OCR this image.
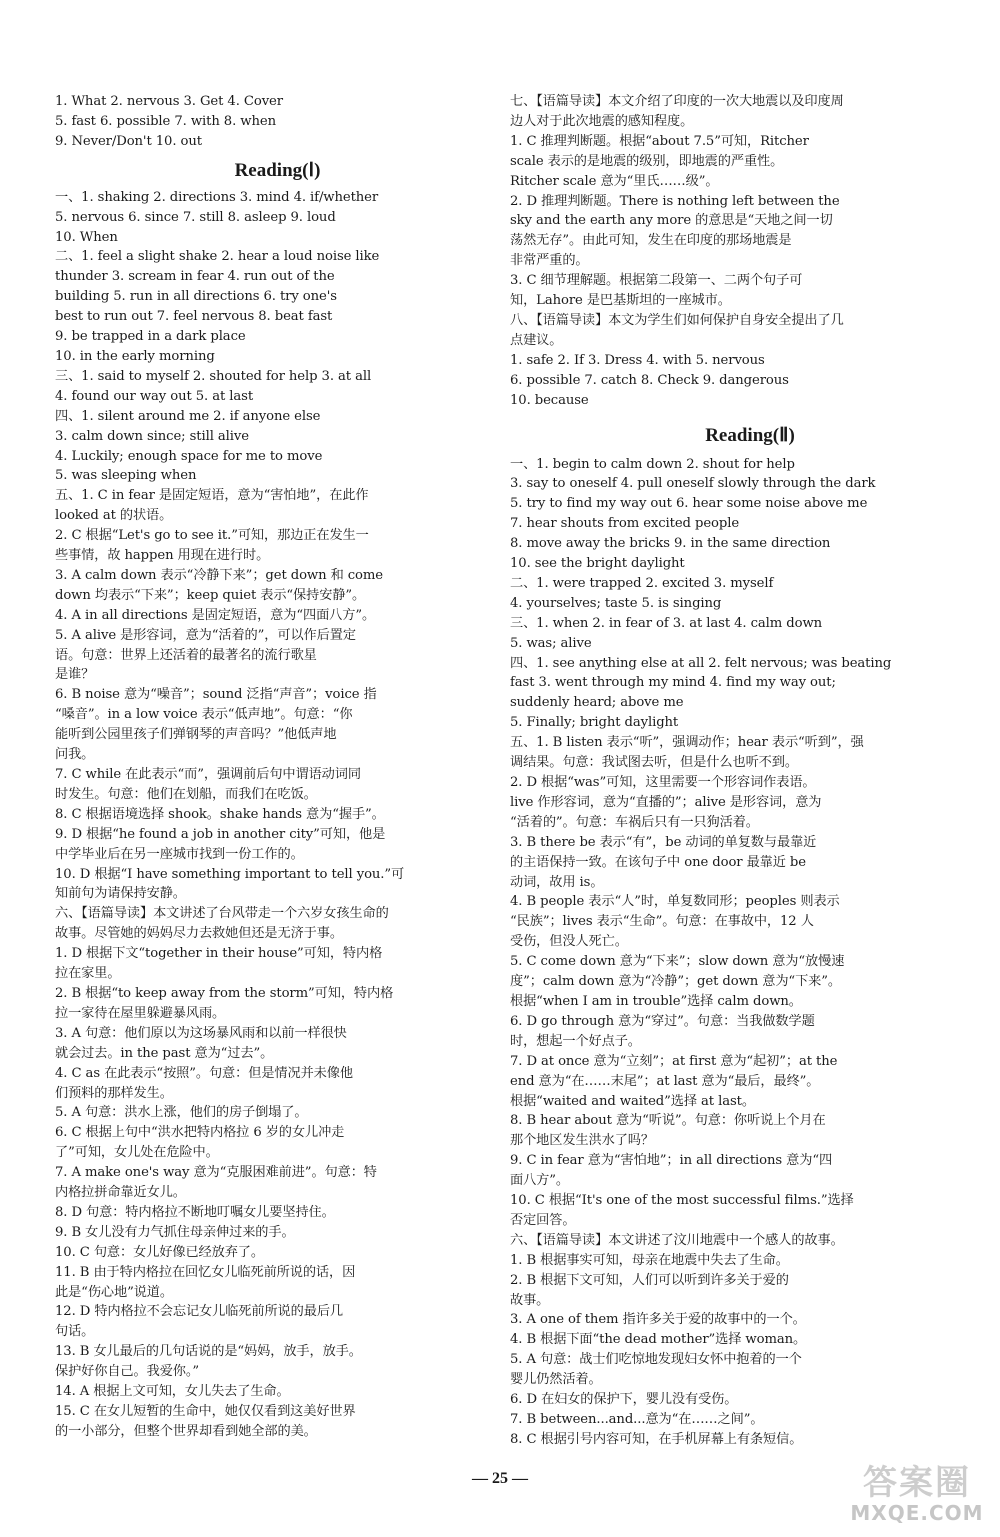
1. What 2. nervous 3. Get 4. Cover
5. fast 6. possible 7. with 8. when
9. Never/Don't 10. out
Reading(Ⅰ)
一、1. shaking 2. directions 3. mind 4. if/whether
5. nervous 6. since 7. still 8. asleep 9. loud
10. When
二、1. feel a slight shake 2. hear a loud noise like
thunder 3. scream in fear 4. run out of the
building 5. run in all directions 6. try one's
best to run out 7. feel nervous 8. beat fast
9. be trapped in a dark place
10. in the early morning
三、1. said to myself 2. shouted for help 3. at all
4. found our way out 5. at last
四、1. silent around me 2. if anyone else
3. calm down since; still alive
4. Luckily; enough space for me to move
5. was sleeping when
五、1. C in fear 是固定短语，意为“害怕地”，在此作
looked at 的状语。
2. C 根据“Let's go to see it.”可知，那边正在发生一
些事情，故 happen 用现在进行时。
3. A calm down 表示“冷静下来”；get down 和 come
down 均表示“下来”；keep quiet 表示“保持安静”。
4. A in all directions 是固定短语，意为“四面八方”。
5. A alive 是形容词，意为“活着的”，可以作后置定
语。句意：世界上还活着的最著名的流行歌星
是谁？
6. B noise 意为“噪音”；sound 泛指“声音”；voice 指
“嗓音”。in a low voice 表示“低声地”。句意：“你
能听到公园里孩子们弹钢琴的声音吗？”他低声地
问我。
7. C while 在此表示“而”，强调前后句中谓语动词同
时发生。句意：他们在划船，而我们在吃饭。
8. C 根据语境选择 shook。shake hands 意为“握手”。
9. D 根据“he found a job in another city”可知，他是
中学毕业后在另一座城市找到一份工作的。
10. D 根据“I have something important to tell you.”可
知前句为请保持安静。
六、【语篇导读】本文讲述了台风带走一个六岁女孩生命的
故事。尽管她的妈妈尽力去救她但还是无济于事。
1. D 根据下文“together in their house”可知，特内格
拉在家里。
2. B 根据“to keep away from the storm”可知，特内格
拉一家待在屋里躲避暴风雨。
3. A 句意：他们原以为这场暴风雨和以前一样很快
就会过去。in the past 意为“过去”。
4. C as 在此表示“按照”。句意：但是情况并未像他
们预料的那样发生。
5. A 句意：洪水上涨，他们的房子倒塌了。
6. C 根据上句中“洪水把特内格拉 6 岁的女儿冲走
了”可知，女儿处在危险中。
7. A make one's way 意为“克服困难前进”。句意：特
内格拉拼命靠近女儿。
8. D 句意：特内格拉不断地叮嘱女儿要坚持住。
9. B 女儿没有力气抓住母亲伸过来的手。
10. C 句意：女儿好像已经放弃了。
11. B 由于特内格拉在回忆女儿临死前所说的话，因
此是“伤心地”说道。
12. D 特内格拉不会忘记女儿临死前所说的最后几
句话。
13. B 女儿最后的几句话说的是“妈妈，放手，放手。
保护好你自己。我爱你。”
14. A 根据上文可知，女儿失去了生命。
15. C 在女儿短暂的生命中，她仅仅看到这美好世界
的一小部分，但整个世界却看到她全部的美。
七、【语篇导读】本文介绍了印度的一次大地震以及印度周
边人对于此次地震的感知程度。
1. C 推理判断题。根据“about 7.5”可知，Ritcher
scale 表示的是地震的级别，即地震的严重性。
Ritcher scale 意为“里氏……级”。
2. D 推理判断题。There is nothing left between the
sky and the earth any more 的意思是“天地之间一切
荡然无存”。由此可知，发生在印度的那场地震是
非常严重的。
3. C 细节理解题。根据第二段第一、二两个句子可
知，Lahore 是巴基斯坦的一座城市。
八、【语篇导读】本文为学生们如何保护自身安全提出了几
点建议。
1. safe 2. If 3. Dress 4. with 5. nervous
6. possible 7. catch 8. Check 9. dangerous
10. because
Reading(Ⅱ)
一、1. begin to calm down 2. shout for help
3. say to oneself 4. pull oneself slowly through the dark
5. try to find my way out 6. hear some noise above me
7. hear shouts from excited people
8. move away the bricks 9. in the same direction
10. see the bright daylight
二、1. were trapped 2. excited 3. myself
4. yourselves; taste 5. is singing
三、1. when 2. in fear of 3. at last 4. calm down
5. was; alive
四、1. see anything else at all 2. felt nervous; was beating
fast 3. went through my mind 4. find my way out;
suddenly heard; above me
5. Finally; bright daylight
五、1. B listen 表示“听”，强调动作；hear 表示“听到”，强
调结果。句意：我试图去听，但是什么也听不到。
2. D 根据“was”可知，这里需要一个形容词作表语。
live 作形容词，意为“直播的”；alive 是形容词，意为
“活着的”。句意：车祸后只有一只狗活着。
3. B there be 表示“有”，be 动词的单复数与最靠近
的主语保持一致。在该句子中 one door 最靠近 be
动词，故用 is。
4. B people 表示“人”时，单复数同形；peoples 则表示
“民族”；lives 表示“生命”。句意：在事故中，12 人
受伤，但没人死亡。
5. C come down 意为“下来”；slow down 意为“放慢速
度”；calm down 意为“冷静”；get down 意为“下来”。
根据“when I am in trouble”选择 calm down。
6. D go through 意为“穿过”。句意：当我做数学题
时，想起一个好点子。
7. D at once 意为“立刻”；at first 意为“起初”；at the
end 意为“在……末尾”；at last 意为“最后，最终”。
根据“waited and waited”选择 at last。
8. B hear about 意为“听说”。句意：你听说上个月在
那个地区发生洪水了吗？
9. C in fear 意为“害怕地”；in all directions 意为“四
面八方”。
10. C 根据“It's one of the most successful films.”选择
否定回答。
六、【语篇导读】本文讲述了汶川地震中一个感人的故事。
1. B 根据事实可知，母亲在地震中失去了生命。
2. B 根据下文可知，人们可以听到许多关于爱的
故事。
3. A one of them 指许多关于爱的故事中的一个。
4. B 根据下面“the dead mother”选择 woman。
5. A 句意：战士们吃惊地发现妇女怀中抱着的一个
婴儿仍然活着。
6. D 在妇女的保护下，婴儿没有受伤。
7. B between...and...意为“在……之间”。
8. C 根据引号内容可知，在手机屏幕上有条短信。
— 25 —	答案圈
MXQE.COM
